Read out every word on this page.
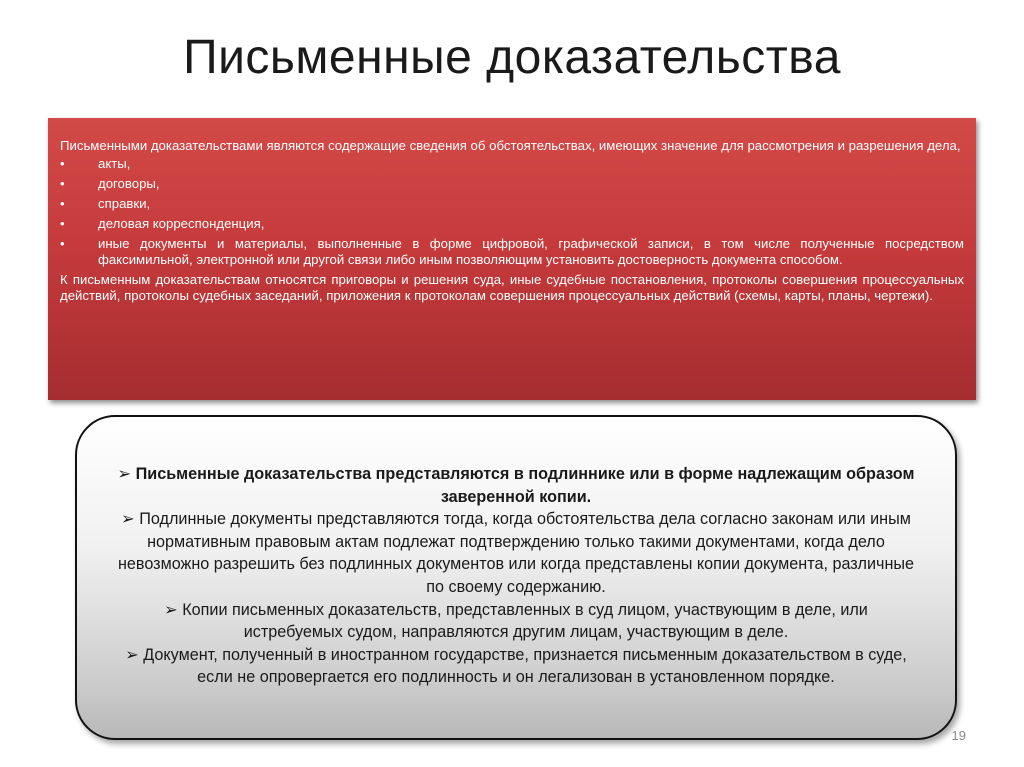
Письменные доказательства

Письменными доказательствами являются содержащие сведения об обстоятельствах, имеющих значение для рассмотрения и разрешения дела,

•	акты,
•	договоры,
•	справки,
•	деловая корреспонденция,
•	иные документы и материалы, выполненные в форме цифровой, графической записи, в том числе полученные посредством факсимильной, электронной или другой связи либо иным позволяющим установить достоверность документа способом.

К письменным доказательствам относятся приговоры и решения суда, иные судебные постановления, протоколы совершения процессуальных действий, протоколы судебных заседаний, приложения к протоколам совершения процессуальных действий (схемы, карты, планы, чертежи).

➢ Письменные доказательства представляются в подлиннике или в форме надлежащим образом заверенной копии.

➢ Подлинные документы представляются тогда, когда обстоятельства дела согласно законам или иным нормативным правовым актам подлежат подтверждению только такими документами, когда дело невозможно разрешить без подлинных документов или когда представлены копии документа, различные по своему содержанию.

➢ Копии письменных доказательств, представленных в суд лицом, участвующим в деле, или истребуемых судом, направляются другим лицам, участвующим в деле.

➢ Документ, полученный в иностранном государстве, признается письменным доказательством в суде, если не опровергается его подлинность и он легализован в установленном порядке.

19
